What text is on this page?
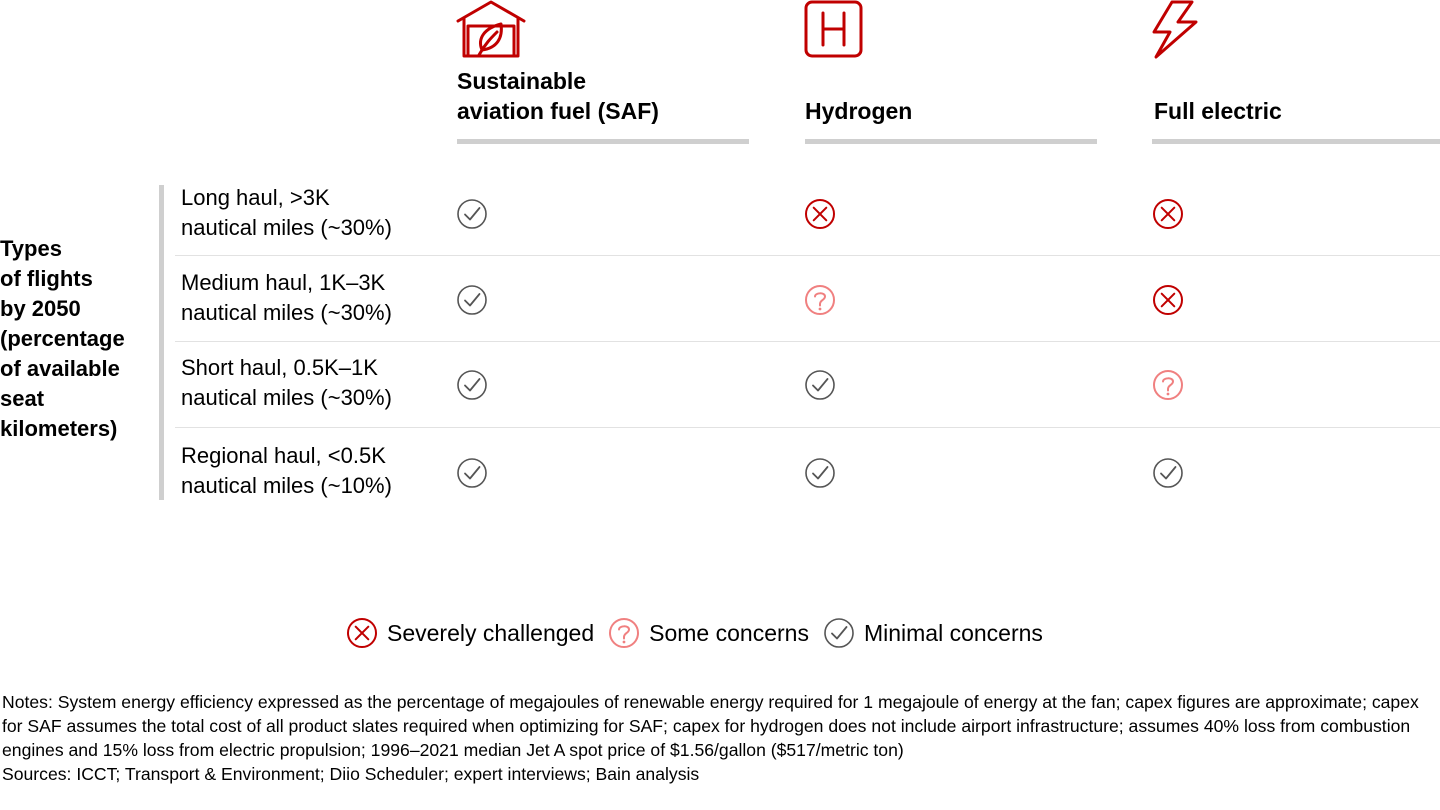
Sustainable
aviation fuel (SAF)	Hydrogen	Full electric
Types
of flights
by 2050
(percentage
of available
seat
kilometers)
Long haul, >3K
nautical miles (~30%)
Medium haul, 1K–3K
nautical miles (~30%)
Short haul, 0.5K–1K
nautical miles (~30%)
Regional haul, <0.5K
nautical miles (~10%)
Severely challenged Some concerns Minimal concerns

Notes: System energy efficiency expressed as the percentage of megajoules of renewable energy required for 1 megajoule of energy at the fan; capex figures are approximate; capex for SAF assumes the total cost of all product slates required when optimizing for SAF; capex for hydrogen does not include airport infrastructure; assumes 40% loss from combustion engines and 15% loss from electric propulsion; 1996–2021 median Jet A spot price of $1.56/gallon ($517/metric ton)

Sources: ICCT; Transport & Environment; Diio Scheduler; expert interviews; Bain analysis
